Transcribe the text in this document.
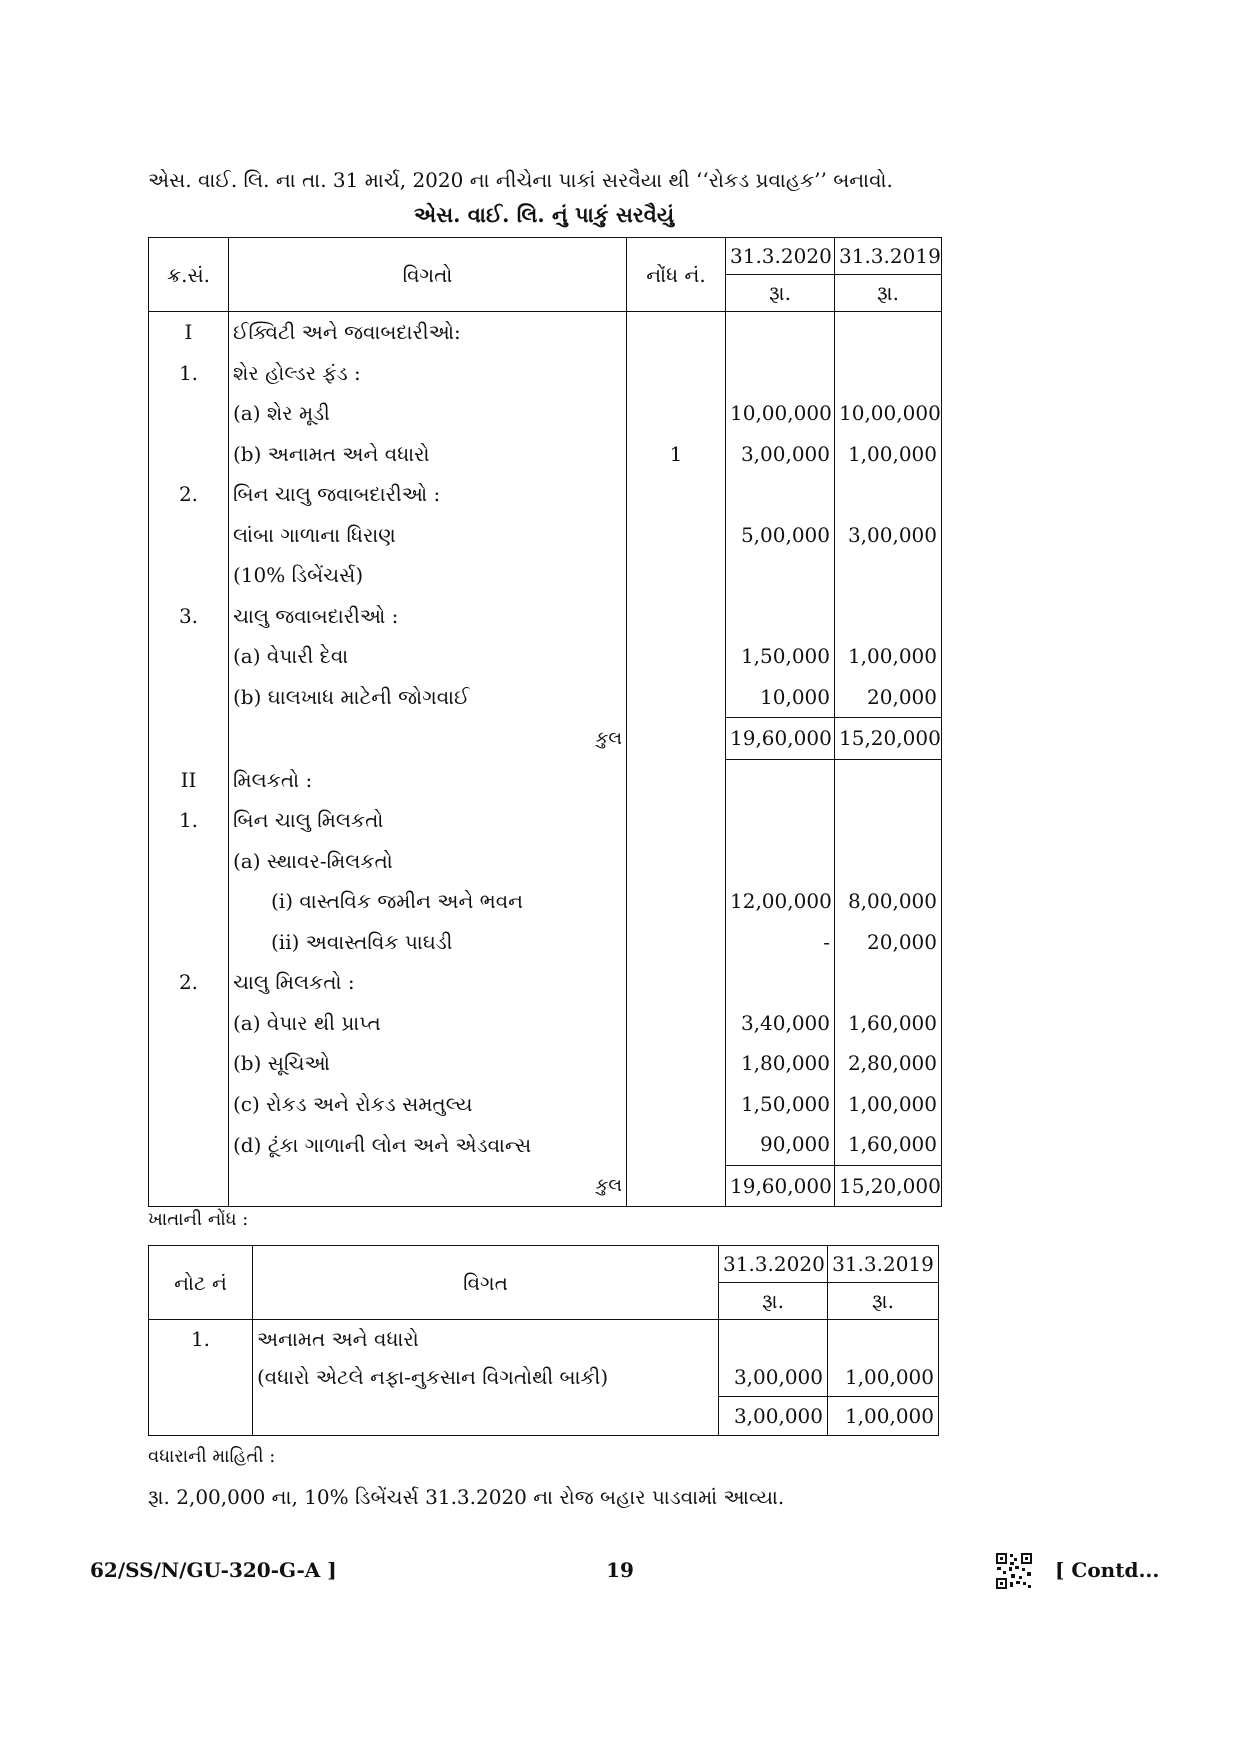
એસ. વાઈ. લિ. ના તા. 31 માર્ચ, 2020 ના નીચેના પાકાં સરવૈયા થી ‘‘રોકડ પ્રવાહક’’ બનાવો.
એસ. વાઈ. લિ. નું પાકું સરવૈયું
ક્ર.સં.	વિગતો	નોંધ નં.	31.3.2020	31.3.2019
			રૂા.	રૂા.
I	ઈક્વિટી અને જવાબદારીઓ:			
1.	શેર હોલ્ડર ફંડ :			
	(a) શેર મૂડી		10,00,000	10,00,000
	(b) અનામત અને વધારો	1	3,00,000	1,00,000
2.	બિન ચાલુ જવાબદારીઓ :			
	લાંબા ગાળાના ધિરાણ		5,00,000	3,00,000
	(10% ડિબેંચર્સ)			
3.	ચાલુ જવાબદારીઓ :			
	(a) વેપારી દેવા		1,50,000	1,00,000
	(b) ઘાલખાધ માટેની જોગવાઈ		10,000	20,000
	કુલ		19,60,000	15,20,000
II	મિલકતો :			
1.	બિન ચાલુ મિલકતો			
	(a) સ્થાવર-મિલકતો			
	(i) વાસ્તવિક જમીન અને ભવન		12,00,000	8,00,000
	(ii) અવાસ્તવિક પાઘડી		-	20,000
2.	ચાલુ મિલકતો :			
	(a) વેપાર થી પ્રાપ્ત		3,40,000	1,60,000
	(b) સૂચિઓ		1,80,000	2,80,000
	(c) રોકડ અને રોકડ સમતુલ્ય		1,50,000	1,00,000
	(d) ટૂંકા ગાળાની લોન અને એડવાન્સ		90,000	1,60,000
	કુલ		19,60,000	15,20,000
ખાતાની નોંધ :
નોટ નં	વિગત	31.3.2020	31.3.2019
		રૂા.	રૂા.
1.	અનામત અને વધારો		
	(વધારો એટલે નફા-નુકસાન વિગતોથી બાકી)	3,00,000	1,00,000
		3,00,000	1,00,000
વધારાની માહિતી :
રૂા. 2,00,000 ના, 10% ડિબેંચર્સ 31.3.2020 ના રોજ બહાર પાડવામાં આવ્યા.
62/SS/N/GU-320-G-A ]	19	[ Contd...
